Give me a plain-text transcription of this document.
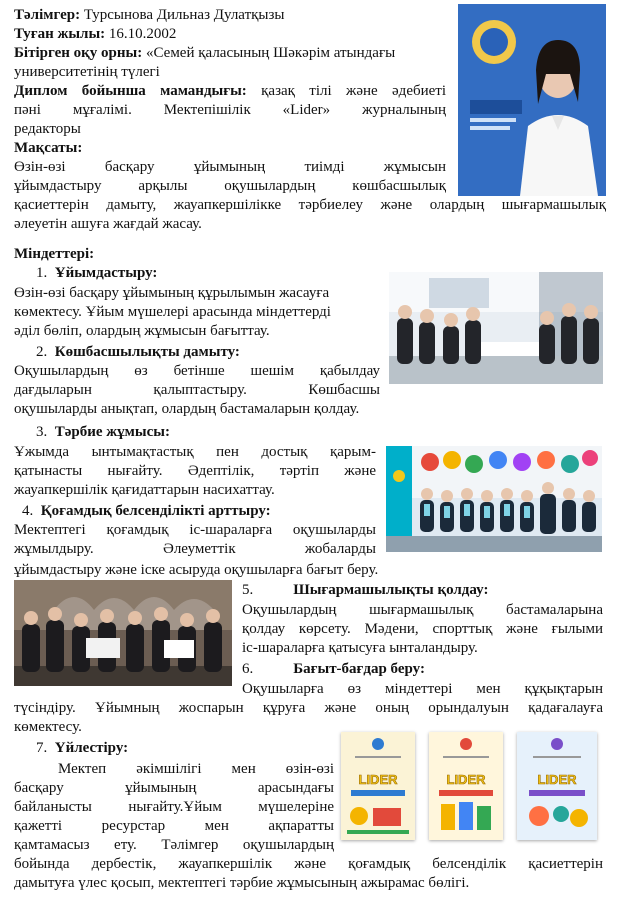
Тәлімгер: Турсынова Дильназ Дулатқызы

Туған жылы: 16.10.2002

Бітірген оқу орны: «Семей қаласының Шәкәрім атындағы

университетінің түлегі

Диплом бойынша мамандығы: қазақ тілі және әдебиеті

пәні мұғалімі. Мектепішілік «Lider» журналының

редакторы

Мақсаты:

Өзін-өзі басқару ұйымының тиімді жұмысын

ұйымдастыру арқылы оқушылардың көшбасшылық

қасиеттерін дамыту, жауапкершілікке тәрбиелеу және олардың шығармашылық

әлеуетін ашуға жағдай жасау.

Міндеттері:

1. Ұйымдастыру:

Өзін-өзі басқару ұйымының құрылымын жасауға

көмектесу. Ұйым мүшелері арасында міндеттерді

әділ бөліп, олардың жұмысын бағыттау.

2. Көшбасшылықты дамыту:

Оқушылардың өз бетінше шешім қабылдау

дағдыларын қалыптастыру. Көшбасшы

оқушыларды анықтап, олардың бастамаларын қолдау.

3. Тәрбие жұмысы:

Ұжымда ынтымақтастық пен достық қарым-

қатынасты нығайту. Әдептілік, тәртіп және

жауапкершілік қағидаттарын насихаттау.

4. Қоғамдық белсенділікті арттыру:

Мектептегі қоғамдық іс-шараларға оқушыларды

жұмылдыру. Әлеуметтік жобаларды

ұйымдастыру және іске асыруда оқушыларға бағыт беру.

5.	Шығармашылықты қолдау:

Оқушылардың шығармашылық бастамаларына

қолдау көрсету. Мәдени, спорттық және ғылыми

іс-шараларға қатысуға ынталандыру.

6.	Бағыт-бағдар беру:

Оқушыларға өз міндеттері мен құқықтарын

түсіндіру. Ұйымның жоспарын құруға және оның орындалуын қадағалауға

көмектесу.

7. Үйлестіру:

Мектеп әкімшілігі мен өзін-өзі

басқару ұйымының арасындағы

байланысты нығайту.Ұйым мүшелеріне

қажетті ресурстар мен ақпаратты

қамтамасыз ету. Тәлімгер оқушылардың

бойында дербестік, жауапкершілік және қоғамдық белсенділік қасиеттерін

дамытуға үлес қосып, мектептегі тәрбие жұмысының ажырамас бөлігі.

LIDER	LIDER	LIDER
